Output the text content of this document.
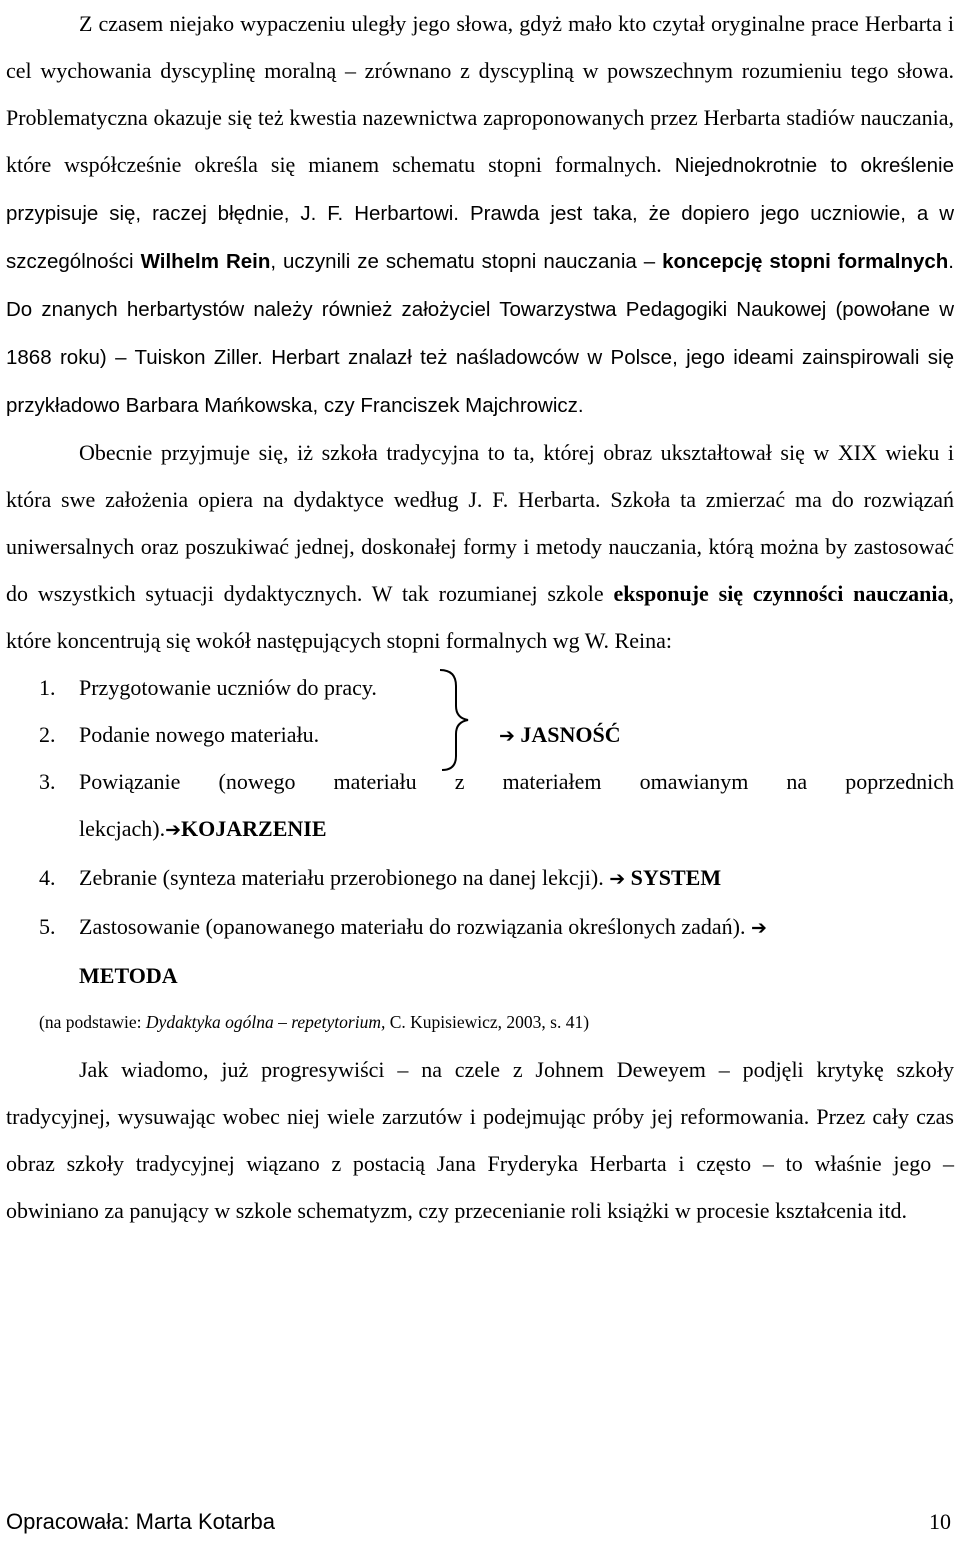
Z czasem niejako wypaczeniu uległy jego słowa, gdyż mało kto czytał oryginalne prace Herbarta i cel wychowania dyscyplinę moralną – zrównano z dyscypliną w powszechnym rozumieniu tego słowa. Problematyczna okazuje się też kwestia nazewnictwa zaproponowanych przez Herbarta stadiów nauczania, które współcześnie określa się mianem schematu stopni formalnych. Niejednokrotnie to określenie przypisuje się, raczej błędnie, J. F. Herbartowi. Prawda jest taka, że dopiero jego uczniowie, a w szczególności Wilhelm Rein, uczynili ze schematu stopni nauczania – koncepcję stopni formalnych. Do znanych herbartystów należy również założyciel Towarzystwa Pedagogiki Naukowej (powołane w 1868 roku) – Tuiskon Ziller. Herbart znalazł też naśladowców w Polsce, jego ideami zainspirowali się przykładowo Barbara Mańkowska, czy Franciszek Majchrowicz.

Obecnie przyjmuje się, iż szkoła tradycyjna to ta, której obraz ukształtował się w XIX wieku i która swe założenia opiera na dydaktyce według J. F. Herbarta. Szkoła ta zmierzać ma do rozwiązań uniwersalnych oraz poszukiwać jednej, doskonałej formy i metody nauczania, którą można by zastosować do wszystkich sytuacji dydaktycznych. W tak rozumianej szkole eksponuje się czynności nauczania, które koncentrują się wokół następujących stopni formalnych wg W. Reina:

1. Przygotowanie uczniów do pracy.
2. Podanie nowego materiału.	➔ JASNOŚĆ
3. Powiązanie (nowego materiału z materiałem omawianym na poprzednich lekcjach).➔KOJARZENIE
4. Zebranie (synteza materiału przerobionego na danej lekcji). ➔ SYSTEM
5. Zastosowanie (opanowanego materiału do rozwiązania określonych zadań). ➔
METODA
(na podstawie: Dydaktyka ogólna – repetytorium, C. Kupisiewicz, 2003, s. 41)

Jak wiadomo, już progresywiści – na czele z Johnem Deweyem – podjęli krytykę szkoły tradycyjnej, wysuwając wobec niej wiele zarzutów i podejmując próby jej reformowania. Przez cały czas obraz szkoły tradycyjnej wiązano z postacią Jana Fryderyka Herbarta i często – to właśnie jego – obwiniano za panujący w szkole schematyzm, czy przecenianie roli książki w procesie kształcenia itd.

Opracowała: Marta Kotarba	10
